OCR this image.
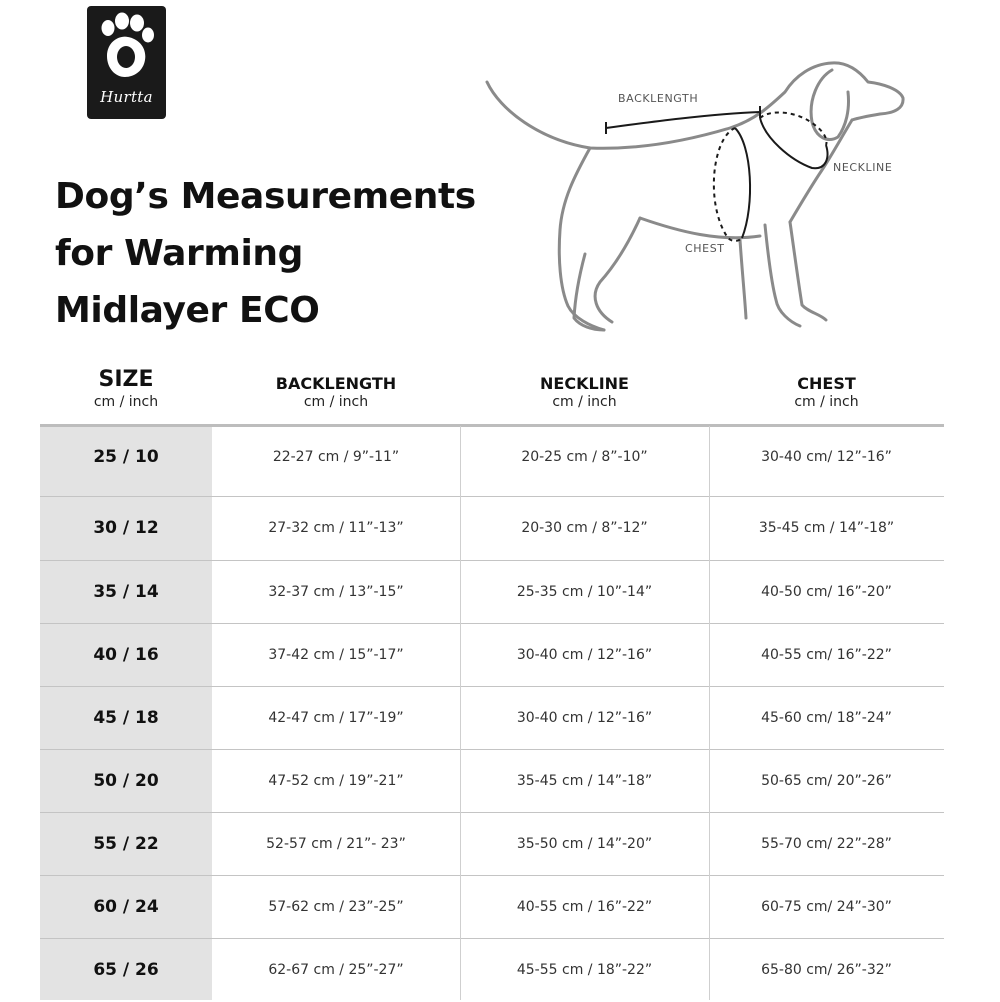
Hurtta
Dog’s Measurements
for Warming
Midlayer ECO
BACKLENGTH
NECKLINE
CHEST
SIZE
cm / inch
BACKLENGTH
cm / inch
NECKLINE
cm / inch
CHEST
cm / inch
25 / 10	22-27 cm / 9”-11”	20-25 cm / 8”-10”	30-40 cm/ 12”-16”
30 / 12	27-32 cm / 11”-13”	20-30 cm / 8”-12”	35-45 cm / 14”-18”
35 / 14	32-37 cm / 13”-15”	25-35 cm / 10”-14”	40-50 cm/ 16”-20”
40 / 16	37-42 cm / 15”-17”	30-40 cm / 12”-16”	40-55 cm/ 16”-22”
45 / 18	42-47 cm / 17”-19”	30-40 cm / 12”-16”	45-60 cm/ 18”-24”
50 / 20	47-52 cm / 19”-21”	35-45 cm / 14”-18”	50-65 cm/ 20”-26”
55 / 22	52-57 cm / 21”- 23”	35-50 cm / 14”-20”	55-70 cm/ 22”-28”
60 / 24	57-62 cm / 23”-25”	40-55 cm / 16”-22”	60-75 cm/ 24”-30”
65 / 26	62-67 cm / 25”-27”	45-55 cm / 18”-22”	65-80 cm/ 26”-32”
